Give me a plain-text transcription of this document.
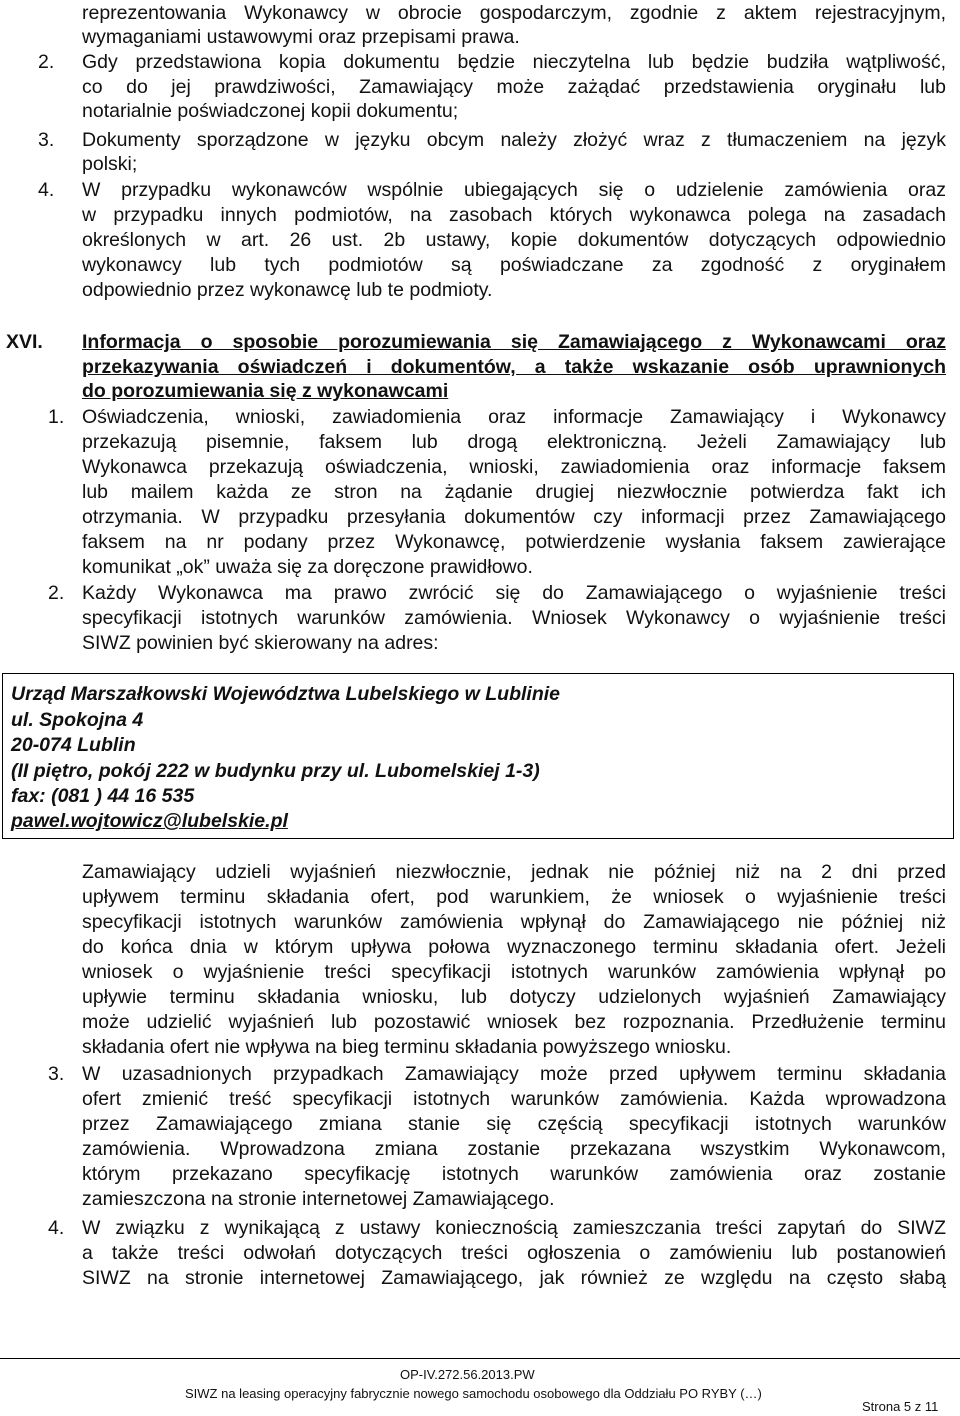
reprezentowania Wykonawcy w obrocie gospodarczym, zgodnie z aktem rejestracyjnym,
wymaganiami ustawowymi oraz przepisami prawa.
2. Gdy przedstawiona kopia dokumentu będzie nieczytelna lub będzie budziła wątpliwość,
co do jej prawdziwości, Zamawiający może zażądać przedstawienia oryginału lub
notarialnie poświadczonej kopii dokumentu;
3. Dokumenty sporządzone w języku obcym należy złożyć wraz z tłumaczeniem na język
polski;
4. W przypadku wykonawców wspólnie ubiegających się o udzielenie zamówienia oraz
w przypadku innych podmiotów, na zasobach których wykonawca polega na zasadach
określonych w art. 26 ust. 2b ustawy, kopie dokumentów dotyczących odpowiednio
wykonawcy lub tych podmiotów są poświadczane za zgodność z oryginałem
odpowiednio przez wykonawcę lub te podmioty.
XVI. Informacja o sposobie porozumiewania się Zamawiającego z Wykonawcami oraz
przekazywania oświadczeń i dokumentów, a także wskazanie osób uprawnionych
do porozumiewania się z wykonawcami
1. Oświadczenia, wnioski, zawiadomienia oraz informacje Zamawiający i Wykonawcy
przekazują pisemnie, faksem lub drogą elektroniczną. Jeżeli Zamawiający lub
Wykonawca przekazują oświadczenia, wnioski, zawiadomienia oraz informacje faksem
lub mailem każda ze stron na żądanie drugiej niezwłocznie potwierdza fakt ich
otrzymania. W przypadku przesyłania dokumentów czy informacji przez Zamawiającego
faksem na nr podany przez Wykonawcę, potwierdzenie wysłania faksem zawierające
komunikat „ok” uważa się za doręczone prawidłowo.
2. Każdy Wykonawca ma prawo zwrócić się do Zamawiającego o wyjaśnienie treści
specyfikacji istotnych warunków zamówienia. Wniosek Wykonawcy o wyjaśnienie treści
SIWZ powinien być skierowany na adres:
Urząd Marszałkowski Województwa Lubelskiego w Lublinie
ul. Spokojna 4
20-074 Lublin
(II piętro, pokój 222 w budynku przy ul. Lubomelskiej 1-3)
fax: (081 ) 44 16 535
pawel.wojtowicz@lubelskie.pl
Zamawiający udzieli wyjaśnień niezwłocznie, jednak nie później niż na 2 dni przed
upływem terminu składania ofert, pod warunkiem, że wniosek o wyjaśnienie treści
specyfikacji istotnych warunków zamówienia wpłynął do Zamawiającego nie później niż
do końca dnia w którym upływa połowa wyznaczonego terminu składania ofert. Jeżeli
wniosek o wyjaśnienie treści specyfikacji istotnych warunków zamówienia wpłynął po
upływie terminu składania wniosku, lub dotyczy udzielonych wyjaśnień Zamawiający
może udzielić wyjaśnień lub pozostawić wniosek bez rozpoznania. Przedłużenie terminu
składania ofert nie wpływa na bieg terminu składania powyższego wniosku.
3. W uzasadnionych przypadkach Zamawiający może przed upływem terminu składania
ofert zmienić treść specyfikacji istotnych warunków zamówienia. Każda wprowadzona
przez Zamawiającego zmiana stanie się częścią specyfikacji istotnych warunków
zamówienia. Wprowadzona zmiana zostanie przekazana wszystkim Wykonawcom,
którym przekazano specyfikację istotnych warunków zamówienia oraz zostanie
zamieszczona na stronie internetowej Zamawiającego.
4. W związku z wynikającą z ustawy koniecznością zamieszczania treści zapytań do SIWZ
a także treści odwołań dotyczących treści ogłoszenia o zamówieniu lub postanowień
SIWZ na stronie internetowej Zamawiającego, jak również ze względu na często słabą
OP-IV.272.56.2013.PW
SIWZ na leasing operacyjny fabrycznie nowego samochodu osobowego dla Oddziału PO RYBY (…)
Strona 5 z 11
